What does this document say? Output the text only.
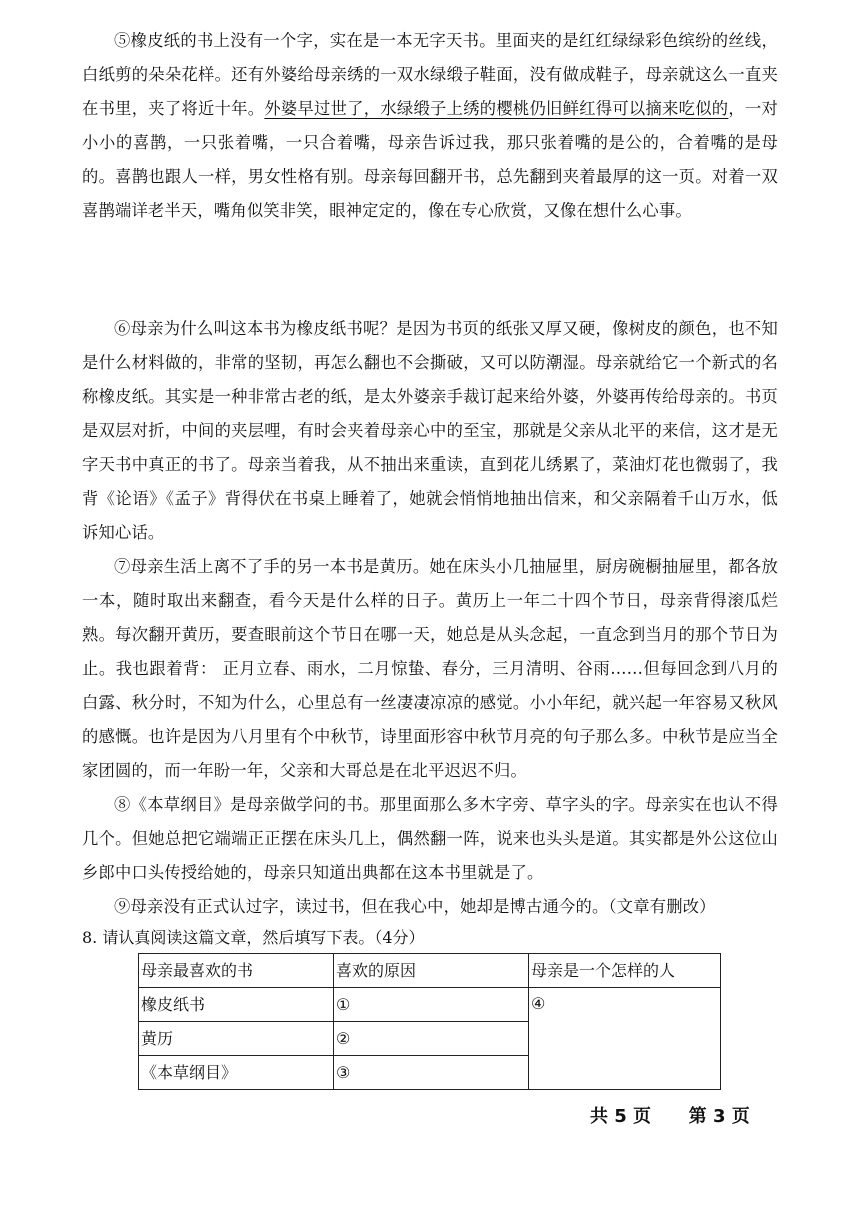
⑤橡皮纸的书上没有一个字，实在是一本无字天书。里面夹的是红红绿绿彩色缤纷的丝线，白纸剪的朵朵花样。还有外婆给母亲绣的一双水绿缎子鞋面，没有做成鞋子，母亲就这么一直夹在书里，夹了将近十年。外婆早过世了，水绿缎子上绣的樱桃仍旧鲜红得可以摘来吃似的，一对小小的喜鹊，一只张着嘴，一只合着嘴，母亲告诉过我，那只张着嘴的是公的，合着嘴的是母的。喜鹊也跟人一样，男女性格有别。母亲每回翻开书，总先翻到夹着最厚的这一页。对着一双喜鹊端详老半天，嘴角似笑非笑，眼神定定的，像在专心欣赏，又像在想什么心事。

⑥母亲为什么叫这本书为橡皮纸书呢？是因为书页的纸张又厚又硬，像树皮的颜色，也不知是什么材料做的，非常的坚韧，再怎么翻也不会撕破，又可以防潮湿。母亲就给它一个新式的名称橡皮纸。其实是一种非常古老的纸，是太外婆亲手裁订起来给外婆，外婆再传给母亲的。书页是双层对折，中间的夹层哩，有时会夹着母亲心中的至宝，那就是父亲从北平的来信，这才是无字天书中真正的书了。母亲当着我，从不抽出来重读，直到花儿绣累了，菜油灯花也微弱了，我背《论语》《孟子》背得伏在书桌上睡着了，她就会悄悄地抽出信来，和父亲隔着千山万水，低诉知心话。

⑦母亲生活上离不了手的另一本书是黄历。她在床头小几抽屉里，厨房碗橱抽屉里，都各放一本，随时取出来翻查，看今天是什么样的日子。黄历上一年二十四个节日，母亲背得滚瓜烂熟。每次翻开黄历，要查眼前这个节日在哪一天，她总是从头念起，一直念到当月的那个节日为止。我也跟着背： 正月立春、雨水，二月惊蛰、春分，三月清明、谷雨……但每回念到八月的白露、秋分时，不知为什么，心里总有一丝凄凄凉凉的感觉。小小年纪，就兴起一年容易又秋风的感慨。也许是因为八月里有个中秋节，诗里面形容中秋节月亮的句子那么多。中秋节是应当全家团圆的，而一年盼一年，父亲和大哥总是在北平迟迟不归。

⑧《本草纲目》是母亲做学问的书。那里面那么多木字旁、草字头的字。母亲实在也认不得几个。但她总把它端端正正摆在床头几上，偶然翻一阵，说来也头头是道。其实都是外公这位山乡郎中口头传授给她的，母亲只知道出典都在这本书里就是了。

⑨母亲没有正式认过字，读过书，但在我心中，她却是博古通今的。（文章有删改）

8. 请认真阅读这篇文章，然后填写下表。（4分）

母亲最喜欢的书	喜欢的原因	母亲是一个怎样的人
橡皮纸书	①	④
黄历	②	
《本草纲目》	③	

共 5 页 第 3 页
